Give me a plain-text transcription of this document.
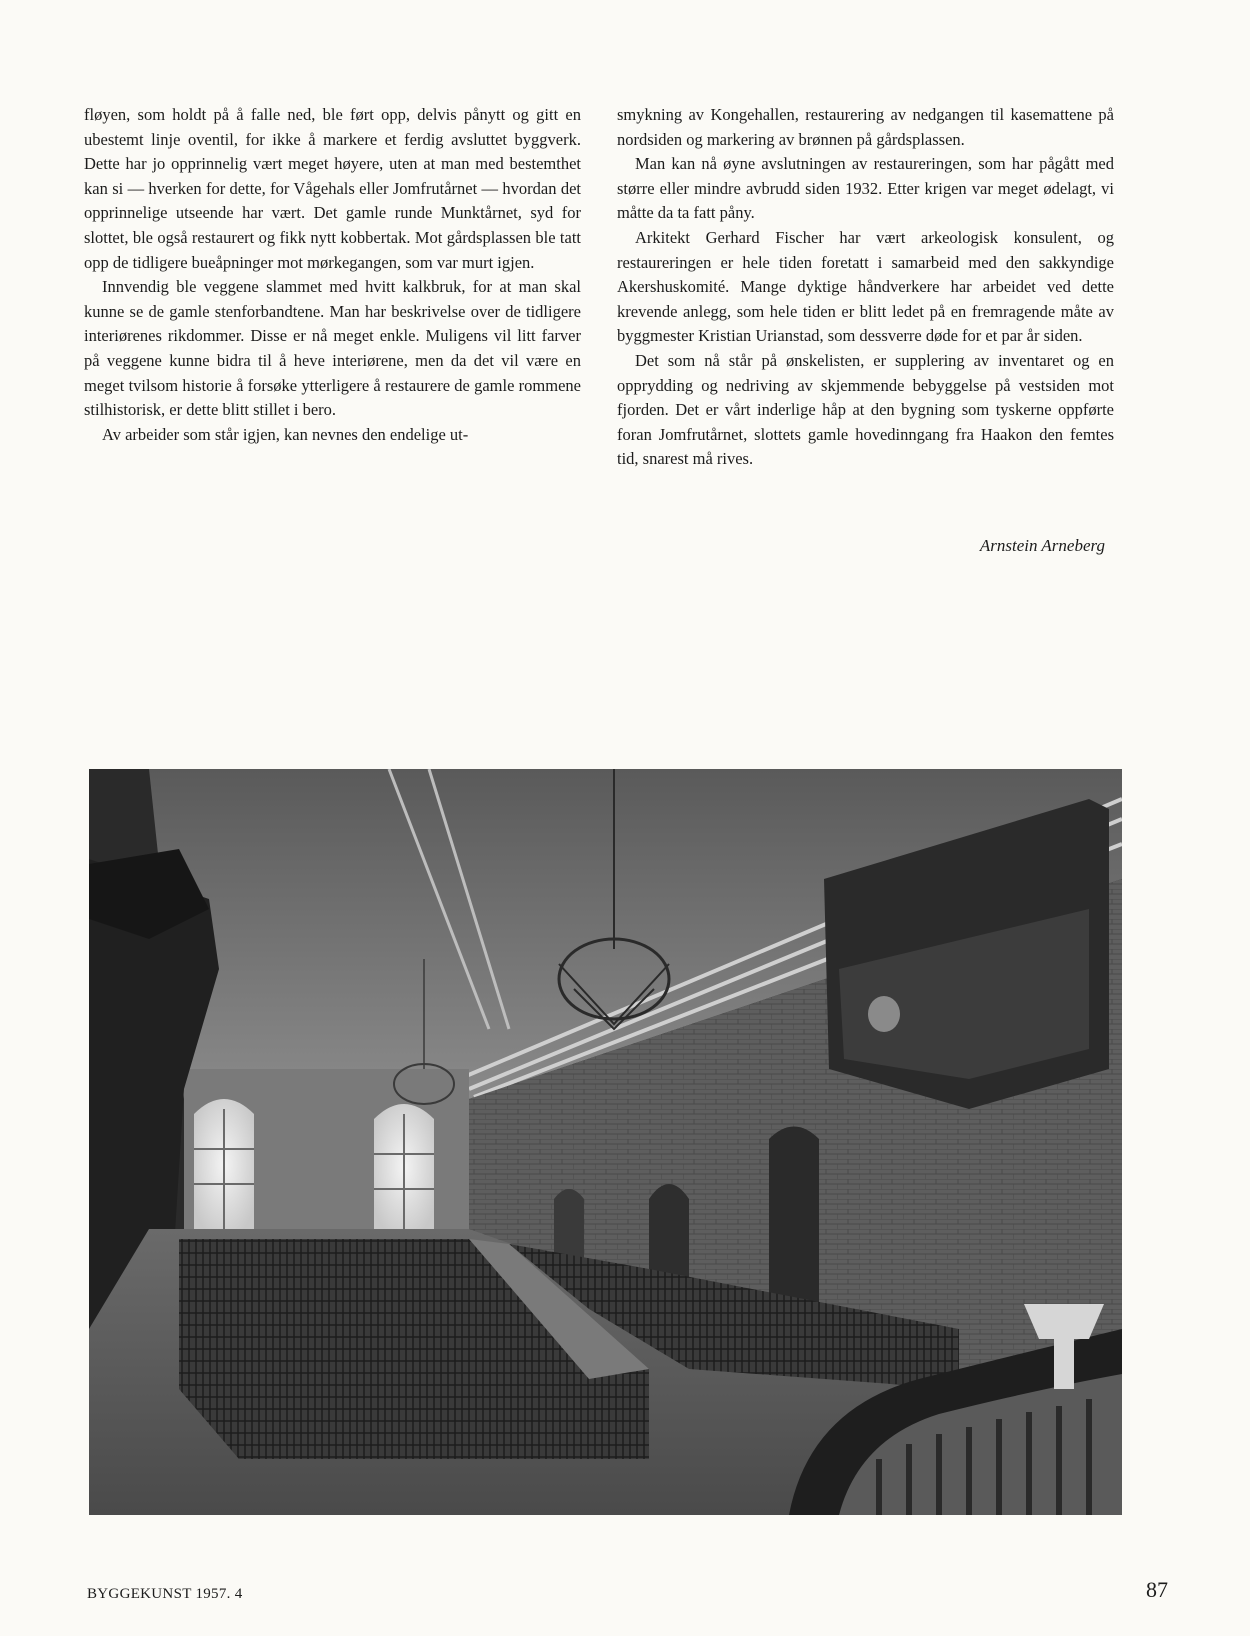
fløyen, som holdt på å falle ned, ble ført opp, delvis pånytt og gitt en ubestemt linje oventil, for ikke å markere et ferdig avsluttet byggverk. Dette har jo opprinnelig vært meget høyere, uten at man med bestemthet kan si — hverken for dette, for Vågehals eller Jomfrutårnet — hvordan det opprinnelige utseende har vært. Det gamle runde Munktårnet, syd for slottet, ble også restaurert og fikk nytt kobbertak. Mot gårdsplassen ble tatt opp de tidligere bueåpninger mot mørkegangen, som var murt igjen.

Innvendig ble veggene slammet med hvitt kalkbruk, for at man skal kunne se de gamle stenforbandtene. Man har beskrivelse over de tidligere interiørenes rikdommer. Disse er nå meget enkle. Muligens vil litt farver på veggene kunne bidra til å heve interiørene, men da det vil være en meget tvilsom historie å forsøke ytterligere å restaurere de gamle rommene stilhistorisk, er dette blitt stillet i bero.

Av arbeider som står igjen, kan nevnes den endelige ut-

smykning av Kongehallen, restaurering av nedgangen til kasemattene på nordsiden og markering av brønnen på gårdsplassen.

Man kan nå øyne avslutningen av restaureringen, som har pågått med større eller mindre avbrudd siden 1932. Etter krigen var meget ødelagt, vi måtte da ta fatt påny.

Arkitekt Gerhard Fischer har vært arkeologisk konsulent, og restaureringen er hele tiden foretatt i samarbeid med den sakkyndige Akershuskomité. Mange dyktige håndverkere har arbeidet ved dette krevende anlegg, som hele tiden er blitt ledet på en fremragende måte av byggmester Kristian Urianstad, som dessverre døde for et par år siden.

Det som nå står på ønskelisten, er supplering av inventaret og en opprydding og nedriving av skjemmende bebyggelse på vestsiden mot fjorden. Det er vårt inderlige håp at den bygning som tyskerne oppførte foran Jomfrutårnet, slottets gamle hovedinngang fra Haakon den femtes tid, snarest må rives.

Arnstein Arneberg
BYGGEKUNST 1957. 4	87
